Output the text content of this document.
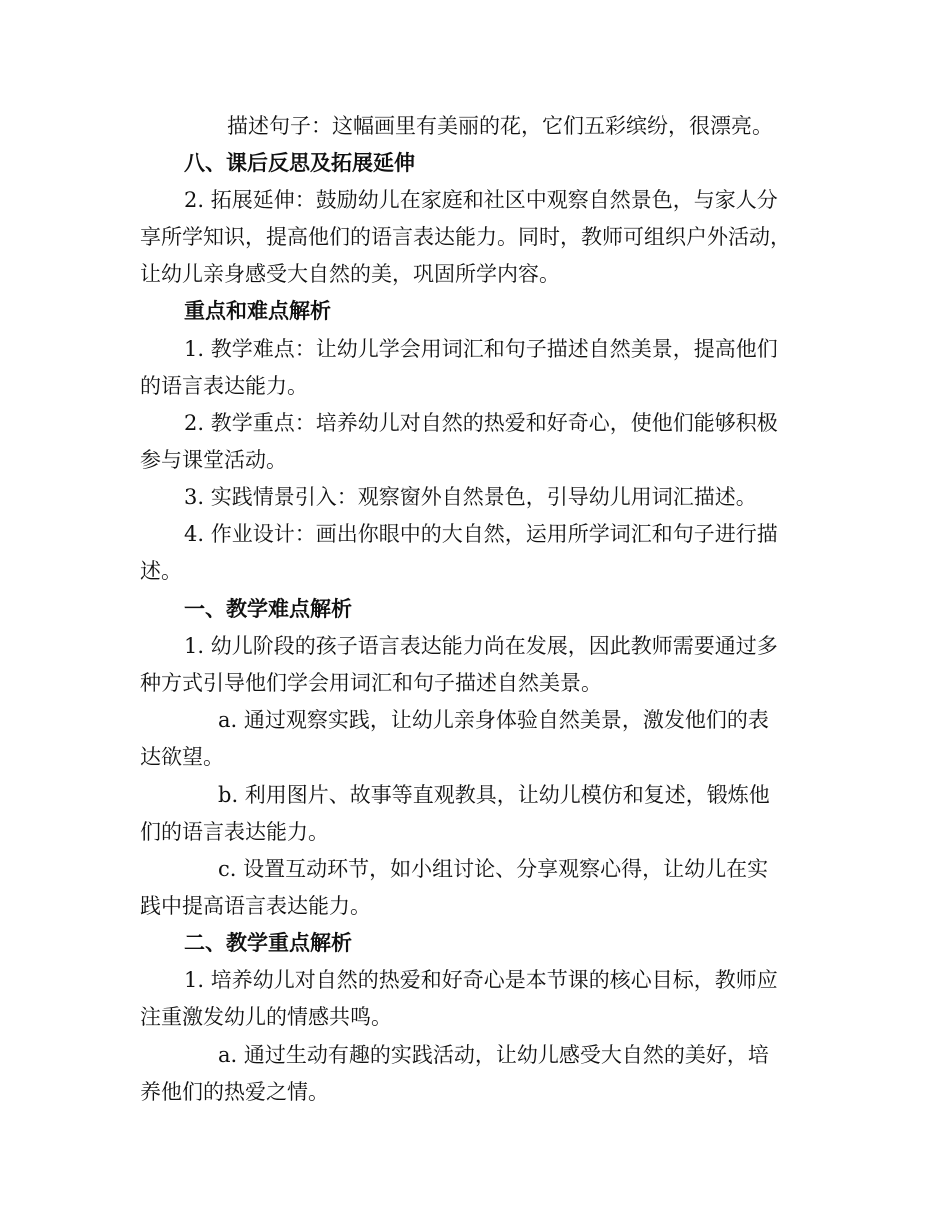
描述句子：这幅画里有美丽的花，它们五彩缤纷，很漂亮。

八、课后反思及拓展延伸

2. 拓展延伸：鼓励幼儿在家庭和社区中观察自然景色，与家人分

享所学知识，提高他们的语言表达能力。同时，教师可组织户外活动，

让幼儿亲身感受大自然的美，巩固所学内容。

重点和难点解析

1. 教学难点：让幼儿学会用词汇和句子描述自然美景，提高他们

的语言表达能力。

2. 教学重点：培养幼儿对自然的热爱和好奇心，使他们能够积极

参与课堂活动。

3. 实践情景引入：观察窗外自然景色，引导幼儿用词汇描述。

4. 作业设计：画出你眼中的大自然，运用所学词汇和句子进行描

述。

一、教学难点解析

1. 幼儿阶段的孩子语言表达能力尚在发展，因此教师需要通过多

种方式引导他们学会用词汇和句子描述自然美景。

a. 通过观察实践，让幼儿亲身体验自然美景，激发他们的表

达欲望。

b. 利用图片、故事等直观教具，让幼儿模仿和复述，锻炼他

们的语言表达能力。

c. 设置互动环节，如小组讨论、分享观察心得，让幼儿在实

践中提高语言表达能力。

二、教学重点解析

1. 培养幼儿对自然的热爱和好奇心是本节课的核心目标，教师应

注重激发幼儿的情感共鸣。

a. 通过生动有趣的实践活动，让幼儿感受大自然的美好，培

养他们的热爱之情。
